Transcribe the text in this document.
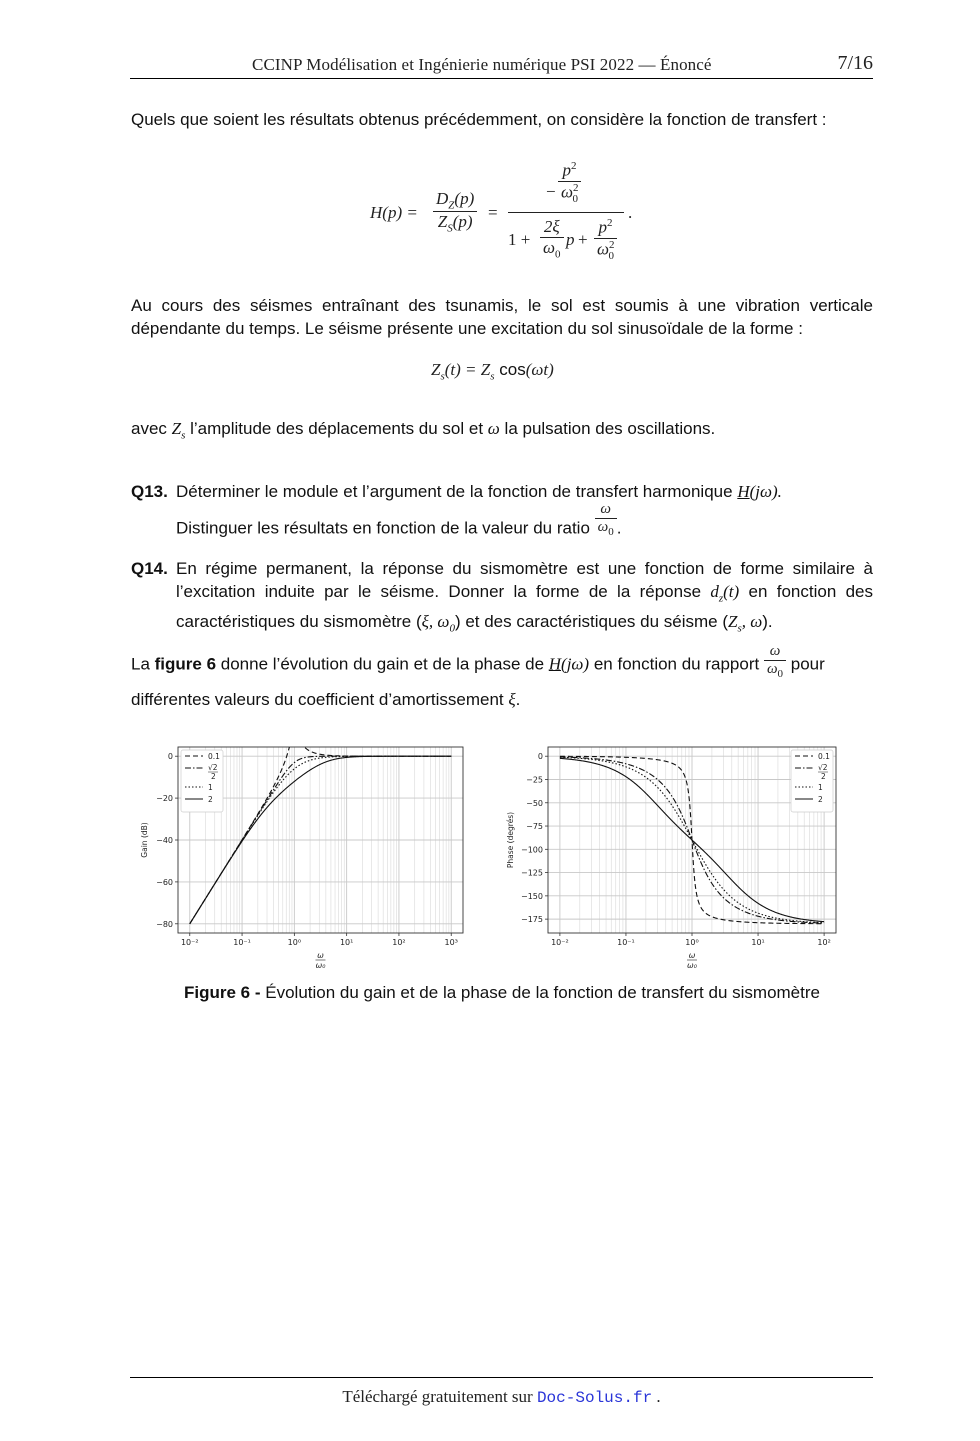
CCINP Modélisation et Ingénierie numérique PSI 2022 — Énoncé	7/16
Quels que soient les résultats obtenus précédemment, on considère la fonction de transfert :
H(p) =
$D_Z(p)$
$Z_S(p)$ =
−
$p^2$
$\omega^2_0$
1 +
2ξ
$\omega_0$
p +
$p^2$
$\omega^2_0$
.
Au cours des séismes entraînant des tsunamis, le sol est soumis à une vibration verticale dépendante du temps. Le séisme présente une excitation du sol sinusoïdale de la forme :
$Z_s(t) = Z_s$ cos(ωt)
avec $Z_s$ l’amplitude des déplacements du sol et ω la pulsation des oscillations.
Q13. Déterminer le module et l’argument de la fonction de transfert harmonique H(jω).
Distinguer les résultats en fonction de la valeur du ratio $\frac{\omega}{\omega_0}$ .
Q14. En régime permanent, la réponse du sismomètre est une fonction de forme similaire à l’excitation induite par le séisme. Donner la forme de la réponse $d_z(t)$ en fonction des caractéristiques du sismomètre (ξ, $\omega_0$) et des caractéristiques du séisme ($Z_s$, ω).
La figure 6 donne l’évolution du gain et de la phase de H(jω) en fonction du rapport $\frac{\omega}{\omega_0}$ pour différentes valeurs du coefficient d’amortissement ξ.
0
−20
−40
−60
−80
10⁻²	10⁻¹	10⁰	10¹	10²	10³
Gain (dB)
ω
ω₀
0.1
√2
2
1
2
0
−25
−50
−75
−100
−125
−150
−175
10⁻²	10⁻¹	10⁰	10¹	10²
Phase (degrés)
ω
ω₀
0.1
√2
2
1
2
Figure 6 - Évolution du gain et de la phase de la fonction de transfert du sismomètre
Téléchargé gratuitement sur Doc-Solus.fr .
